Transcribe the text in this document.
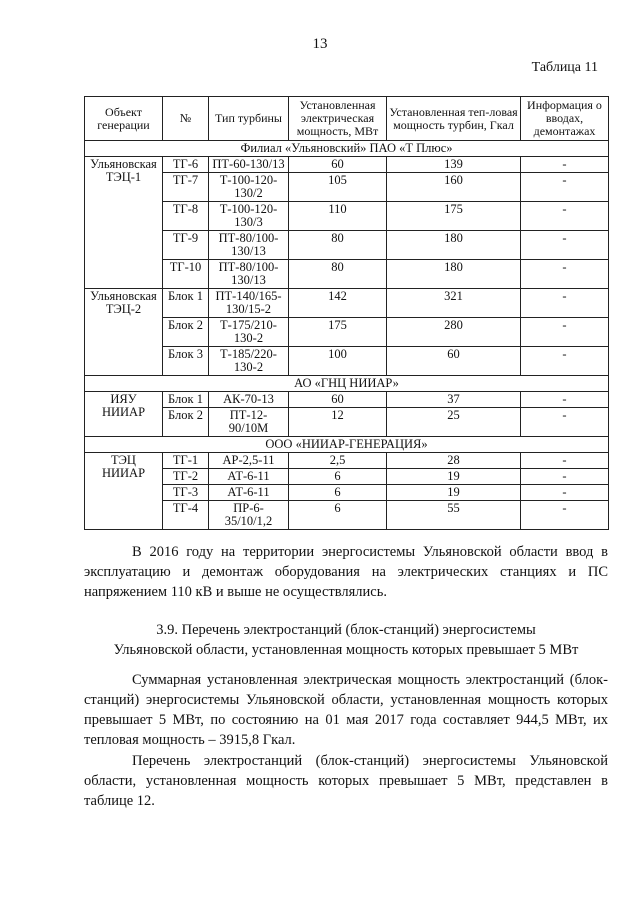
13
Таблица 11
Объект генерации	№	Тип турбины	Установленная электрическая мощность, МВт	Установленная теп-ловая мощность турбин, Гкал	Информация о вводах, демонтажах
Филиал «Ульяновский» ПАО «Т Плюс»					
Ульяновская ТЭЦ-1	ТГ-6	ПТ-60-130/13	60	139	-
	ТГ-7	Т-100-120-130/2	105	160	-
	ТГ-8	Т-100-120-130/3	110	175	-
	ТГ-9	ПТ-80/100-130/13	80	180	-
	ТГ-10	ПТ-80/100-130/13	80	180	-
Ульяновская ТЭЦ-2	Блок 1	ПТ-140/165-130/15-2	142	321	-
	Блок 2	Т-175/210-130-2	175	280	-
	Блок 3	Т-185/220-130-2	100	60	-
АО «ГНЦ НИИАР»					
ИЯУ НИИАР	Блок 1	АК-70-13	60	37	-
	Блок 2	ПТ-12-90/10М	12	25	-
ООО «НИИАР-ГЕНЕРАЦИЯ»					
ТЭЦ НИИАР	ТГ-1	АР-2,5-11	2,5	28	-
	ТГ-2	АТ-6-11	6	19	-
	ТГ-3	АТ-6-11	6	19	-
	ТГ-4	ПР-6-35/10/1,2	6	55	-
В 2016 году на территории энергосистемы Ульяновской области ввод в эксплуатацию и демонтаж оборудования на электрических станциях и ПС напряжением 110 кВ и выше не осуществлялись.
3.9. Перечень электростанций (блок-станций) энергосистемы
Ульяновской области, установленная мощность которых превышает 5 МВт
Суммарная установленная электрическая мощность электростанций (блок-станций) энергосистемы Ульяновской области, установленная мощность которых превышает 5 МВт, по состоянию на 01 мая 2017 года составляет 944,5 МВт, их тепловая мощность – 3915,8 Гкал.
Перечень электростанций (блок-станций) энергосистемы Ульяновской области, установленная мощность которых превышает 5 МВт, представлен в таблице 12.
